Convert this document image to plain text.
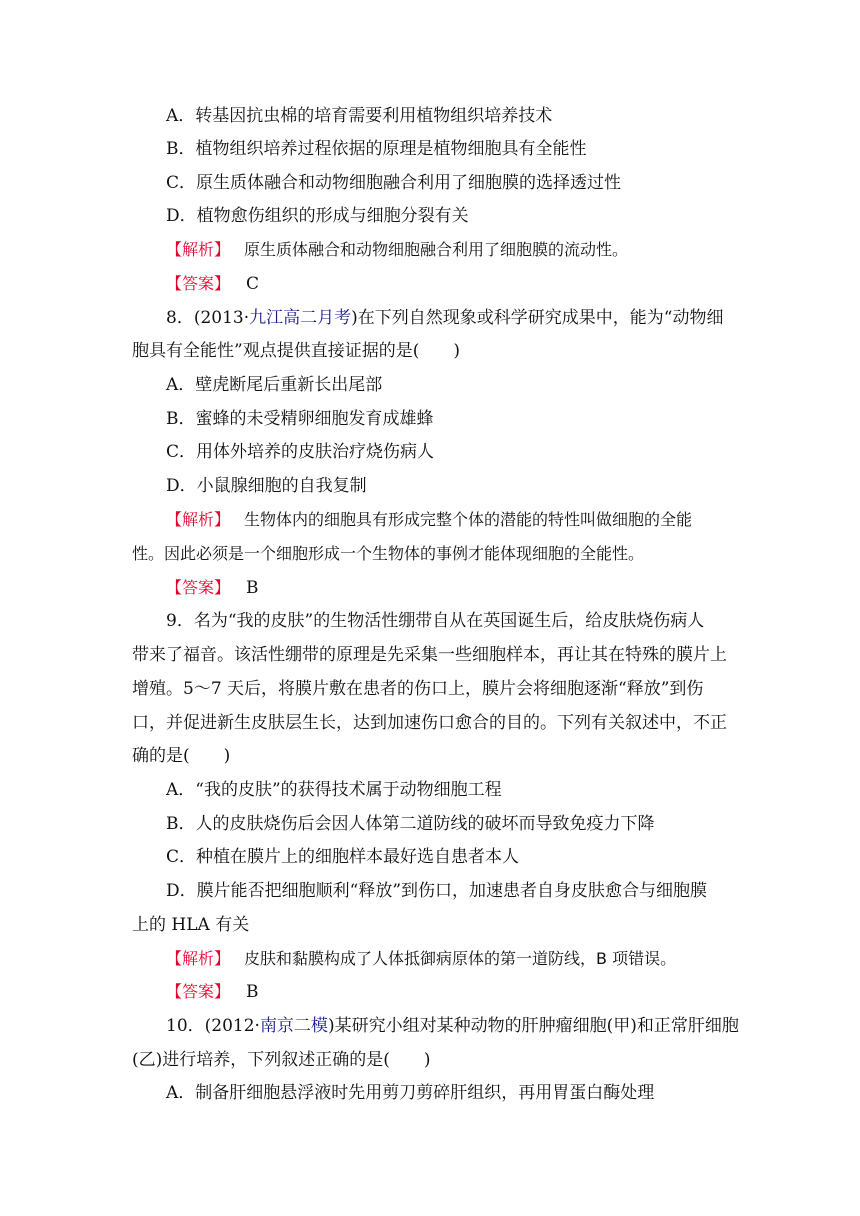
A．转基因抗虫棉的培育需要利用植物组织培养技术
B．植物组织培养过程依据的原理是植物细胞具有全能性
C．原生质体融合和动物细胞融合利用了细胞膜的选择透过性
D．植物愈伤组织的形成与细胞分裂有关
【解析】 原生质体融合和动物细胞融合利用了细胞膜的流动性。
【答案】 C
8．(2013·九江高二月考)在下列自然现象或科学研究成果中，能为“动物细
胞具有全能性”观点提供直接证据的是(　　)
A．壁虎断尾后重新长出尾部
B．蜜蜂的未受精卵细胞发育成雄蜂
C．用体外培养的皮肤治疗烧伤病人
D．小鼠腺细胞的自我复制
【解析】 生物体内的细胞具有形成完整个体的潜能的特性叫做细胞的全能
性。因此必须是一个细胞形成一个生物体的事例才能体现细胞的全能性。
【答案】 B
9．名为“我的皮肤”的生物活性绷带自从在英国诞生后，给皮肤烧伤病人
带来了福音。该活性绷带的原理是先采集一些细胞样本，再让其在特殊的膜片上
增殖。5～7 天后，将膜片敷在患者的伤口上，膜片会将细胞逐渐“释放”到伤
口，并促进新生皮肤层生长，达到加速伤口愈合的目的。下列有关叙述中，不正
确的是(　　)
A．“我的皮肤”的获得技术属于动物细胞工程
B．人的皮肤烧伤后会因人体第二道防线的破坏而导致免疫力下降
C．种植在膜片上的细胞样本最好选自患者本人
D．膜片能否把细胞顺利“释放”到伤口，加速患者自身皮肤愈合与细胞膜
上的 HLA 有关
【解析】 皮肤和黏膜构成了人体抵御病原体的第一道防线，B 项错误。
【答案】 B
10．(2012·南京二模)某研究小组对某种动物的肝肿瘤细胞(甲)和正常肝细胞
(乙)进行培养，下列叙述正确的是(　　)
A．制备肝细胞悬浮液时先用剪刀剪碎肝组织，再用胃蛋白酶处理
